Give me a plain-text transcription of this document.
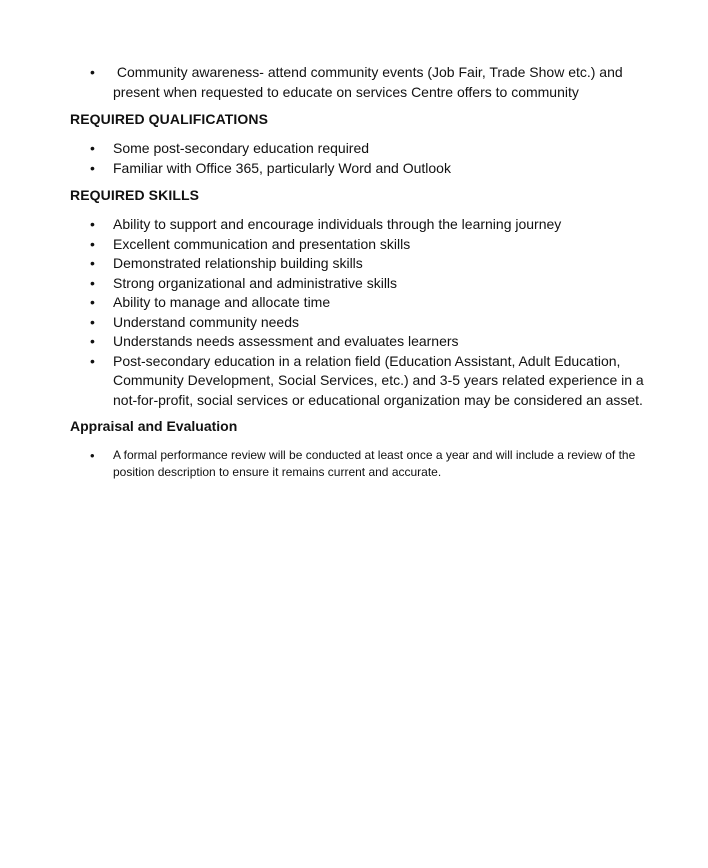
• Community awareness- attend community events (Job Fair, Trade Show etc.) and present when requested to educate on services Centre offers to community

REQUIRED QUALIFICATIONS

• Some post-secondary education required
• Familiar with Office 365, particularly Word and Outlook

REQUIRED SKILLS

• Ability to support and encourage individuals through the learning journey
• Excellent communication and presentation skills
• Demonstrated relationship building skills
• Strong organizational and administrative skills
• Ability to manage and allocate time
• Understand community needs
• Understands needs assessment and evaluates learners
• Post-secondary education in a relation field (Education Assistant, Adult Education, Community Development, Social Services, etc.) and 3-5 years related experience in a not-for-profit, social services or educational organization may be considered an asset.

Appraisal and Evaluation

• A formal performance review will be conducted at least once a year and will include a review of the position description to ensure it remains current and accurate.
